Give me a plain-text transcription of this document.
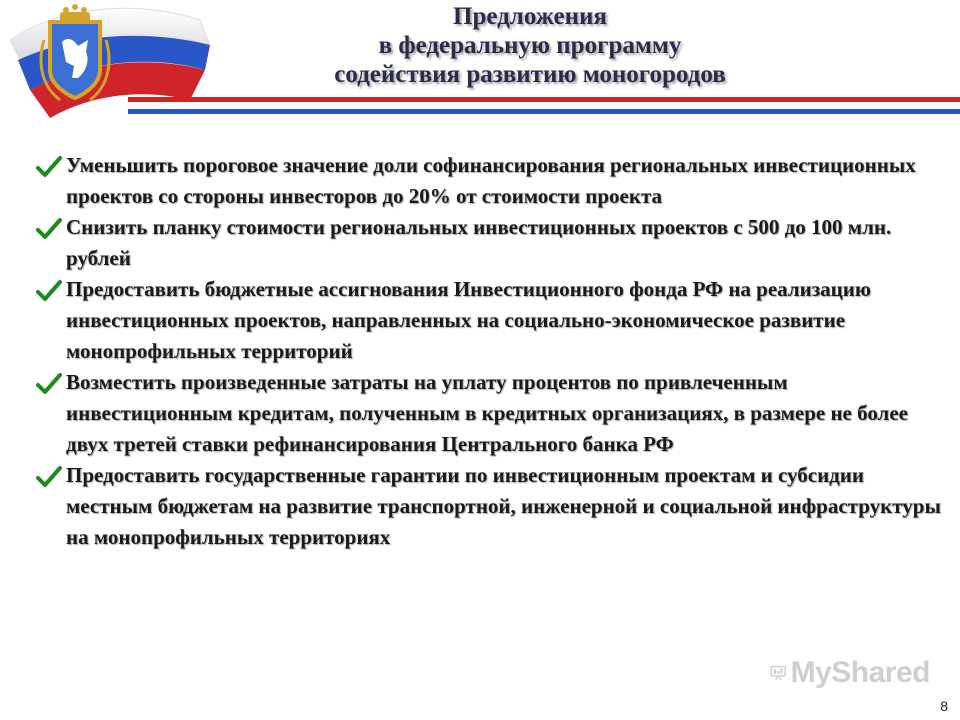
Предложения
в федеральную программу
содействия развитию моногородов
Уменьшить пороговое значение доли софинансирования региональных инвестиционных проектов со стороны инвесторов до 20% от стоимости проекта
Снизить планку стоимости региональных инвестиционных проектов с 500 до 100 млн. рублей
Предоставить бюджетные ассигнования Инвестиционного фонда РФ на реализацию инвестиционных проектов, направленных на социально-экономическое развитие монопрофильных территорий
Возместить произведенные затраты на уплату процентов по привлеченным инвестиционным кредитам, полученным в кредитных организациях, в размере не более двух третей ставки рефинансирования Центрального банка РФ
Предоставить государственные гарантии по инвестиционным проектам и субсидии местным бюджетам на развитие транспортной, инженерной и социальной инфраструктуры на монопрофильных территориях
MyShared
8
